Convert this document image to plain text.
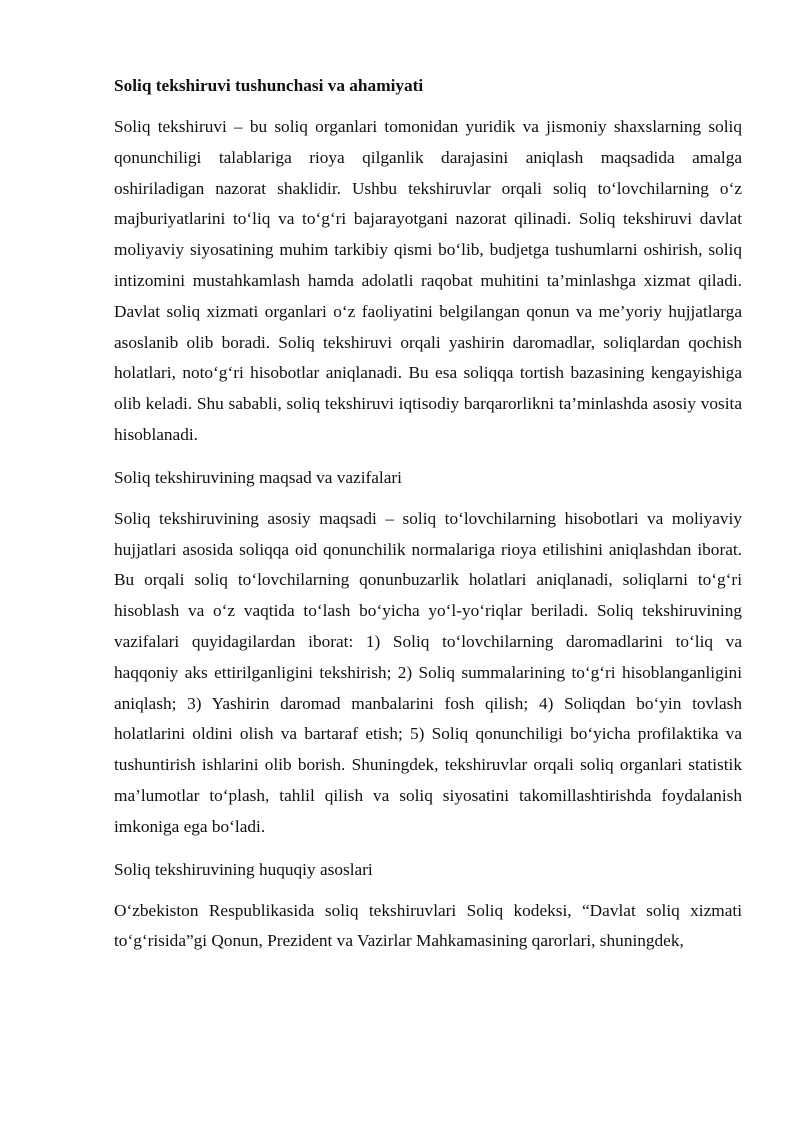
Soliq tekshiruvi tushunchasi va ahamiyati
Soliq tekshiruvi – bu soliq organlari tomonidan yuridik va jismoniy shaxslarning soliq qonunchiligi talablariga rioya qilganlik darajasini aniqlash maqsadida amalga oshiriladigan nazorat shaklidir. Ushbu tekshiruvlar orqali soliq to‘lovchilarning o‘z majburiyatlarini to‘liq va to‘g‘ri bajarayotgani nazorat qilinadi. Soliq tekshiruvi davlat moliyaviy siyosatining muhim tarkibiy qismi bo‘lib, budjetga tushumlarni oshirish, soliq intizomini mustahkamlash hamda adolatli raqobat muhitini ta’minlashga xizmat qiladi. Davlat soliq xizmati organlari o‘z faoliyatini belgilangan qonun va me’yoriy hujjatlarga asoslanib olib boradi. Soliq tekshiruvi orqali yashirin daromadlar, soliqlardan qochish holatlari, noto‘g‘ri hisobotlar aniqlanadi. Bu esa soliqqa tortish bazasining kengayishiga olib keladi. Shu sababli, soliq tekshiruvi iqtisodiy barqarorlikni ta’minlashda asosiy vosita hisoblanadi.
Soliq tekshiruvining maqsad va vazifalari
Soliq tekshiruvining asosiy maqsadi – soliq to‘lovchilarning hisobotlari va moliyaviy hujjatlari asosida soliqqa oid qonunchilik normalariga rioya etilishini aniqlashdan iborat. Bu orqali soliq to‘lovchilarning qonunbuzarlik holatlari aniqlanadi, soliqlarni to‘g‘ri hisoblash va o‘z vaqtida to‘lash bo‘yicha yo‘l-yo‘riqlar beriladi. Soliq tekshiruvining vazifalari quyidagilardan iborat: 1) Soliq to‘lovchilarning daromadlarini to‘liq va haqqoniy aks ettirilganligini tekshirish; 2) Soliq summalarining to‘g‘ri hisoblanganligini aniqlash; 3) Yashirin daromad manbalarini fosh qilish; 4) Soliqdan bo‘yin tovlash holatlarini oldini olish va bartaraf etish; 5) Soliq qonunchiligi bo‘yicha profilaktika va tushuntirish ishlarini olib borish. Shuningdek, tekshiruvlar orqali soliq organlari statistik ma’lumotlar to‘plash, tahlil qilish va soliq siyosatini takomillashtirishda foydalanish imkoniga ega bo‘ladi.
Soliq tekshiruvining huquqiy asoslari
O‘zbekiston Respublikasida soliq tekshiruvlari Soliq kodeksi, “Davlat soliq xizmati to‘g‘risida”gi Qonun, Prezident va Vazirlar Mahkamasining qarorlari, shuningdek,
